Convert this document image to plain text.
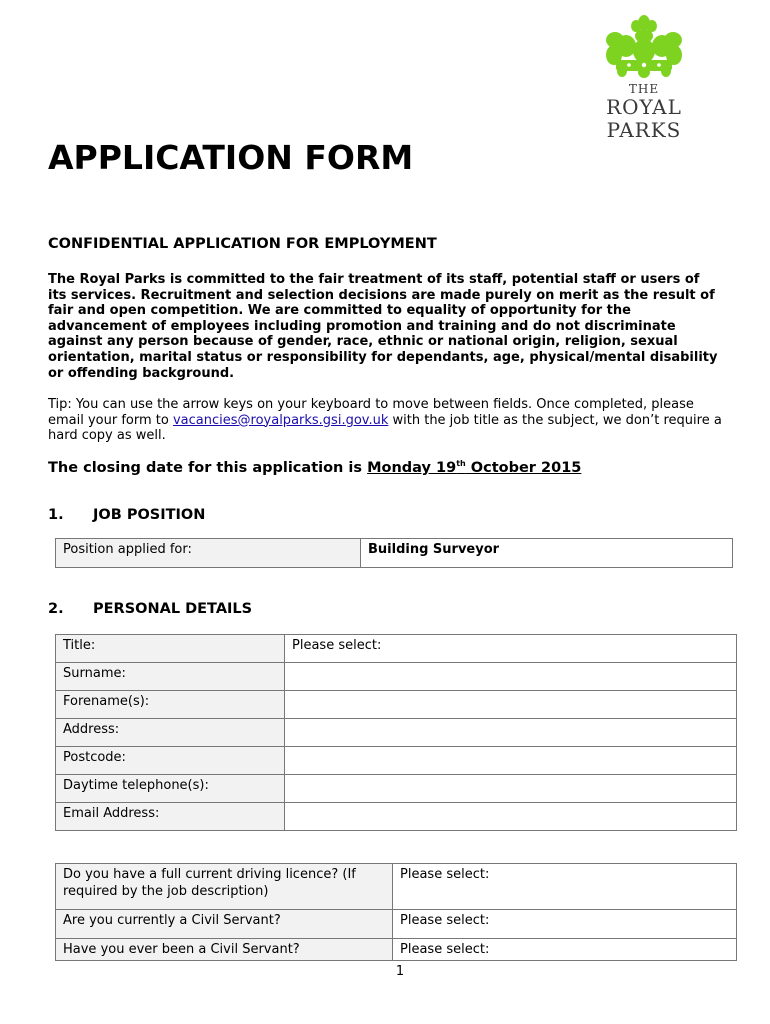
THE
ROYAL
PARKS
APPLICATION FORM
CONFIDENTIAL APPLICATION FOR EMPLOYMENT

The Royal Parks is committed to the fair treatment of its staff, potential staff or users of its services. Recruitment and selection decisions are made purely on merit as the result of fair and open competition. We are committed to equality of opportunity for the advancement of employees including promotion and training and do not discriminate against any person because of gender, race, ethnic or national origin, religion, sexual orientation, marital status or responsibility for dependants, age, physical/mental disability or offending background.

Tip: You can use the arrow keys on your keyboard to move between fields. Once completed, please email your form to vacancies@royalparks.gsi.gov.uk with the job title as the subject, we don’t require a hard copy as well.

The closing date for this application is Monday 19th October 2015

1. JOB POSITION
Position applied for:	Building Surveyor
2. PERSONAL DETAILS
Title:	Please select:
Surname:	
Forename(s):	
Address:	
Postcode:	
Daytime telephone(s):	
Email Address:	
Do you have a full current driving licence? (If required by the job description)	Please select:
Are you currently a Civil Servant?	Please select:
Have you ever been a Civil Servant?	Please select:
1
